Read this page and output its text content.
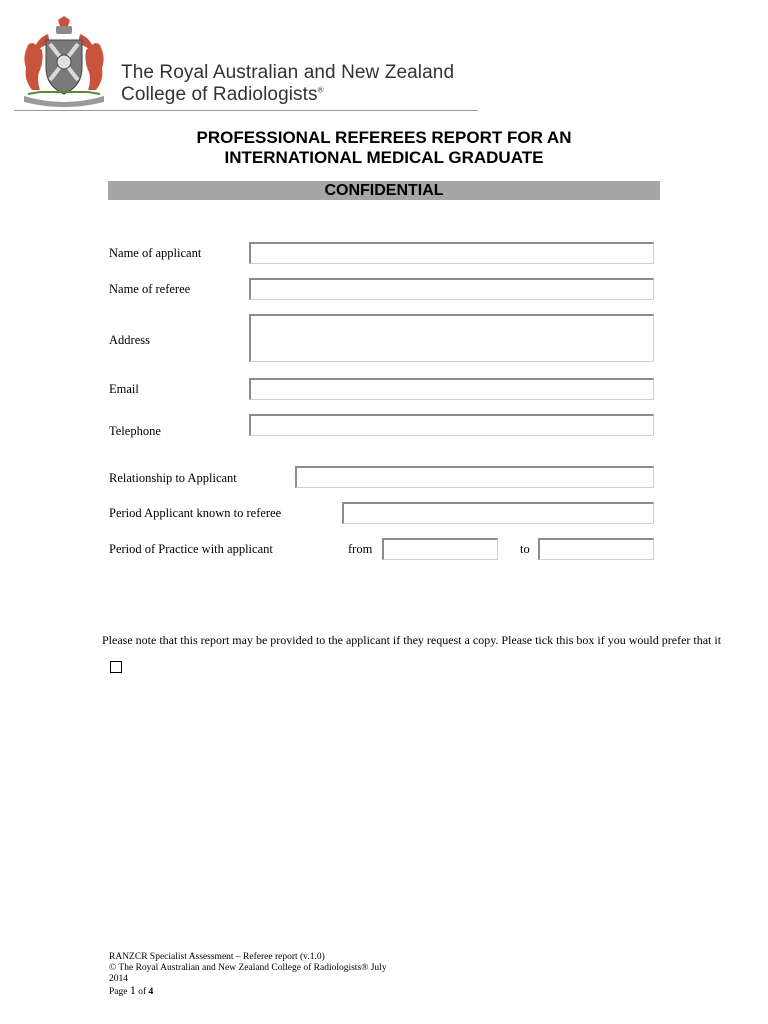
The Royal Australian and New Zealand
College of Radiologists®
PROFESSIONAL REFEREES REPORT FOR AN
INTERNATIONAL MEDICAL GRADUATE
CONFIDENTIAL
Name of applicant
Name of referee
Address
Email
Telephone
Relationship to Applicant
Period Applicant known to referee
Period of Practice with applicant	from	to
Please note that this report may be provided to the applicant if they request a copy. Please tick this box if you would prefer that it
RANZCR Specialist Assessment – Referee report (v.1.0)
© The Royal Australian and New Zealand College of Radiologists® July
2014
Page 1 of 4
